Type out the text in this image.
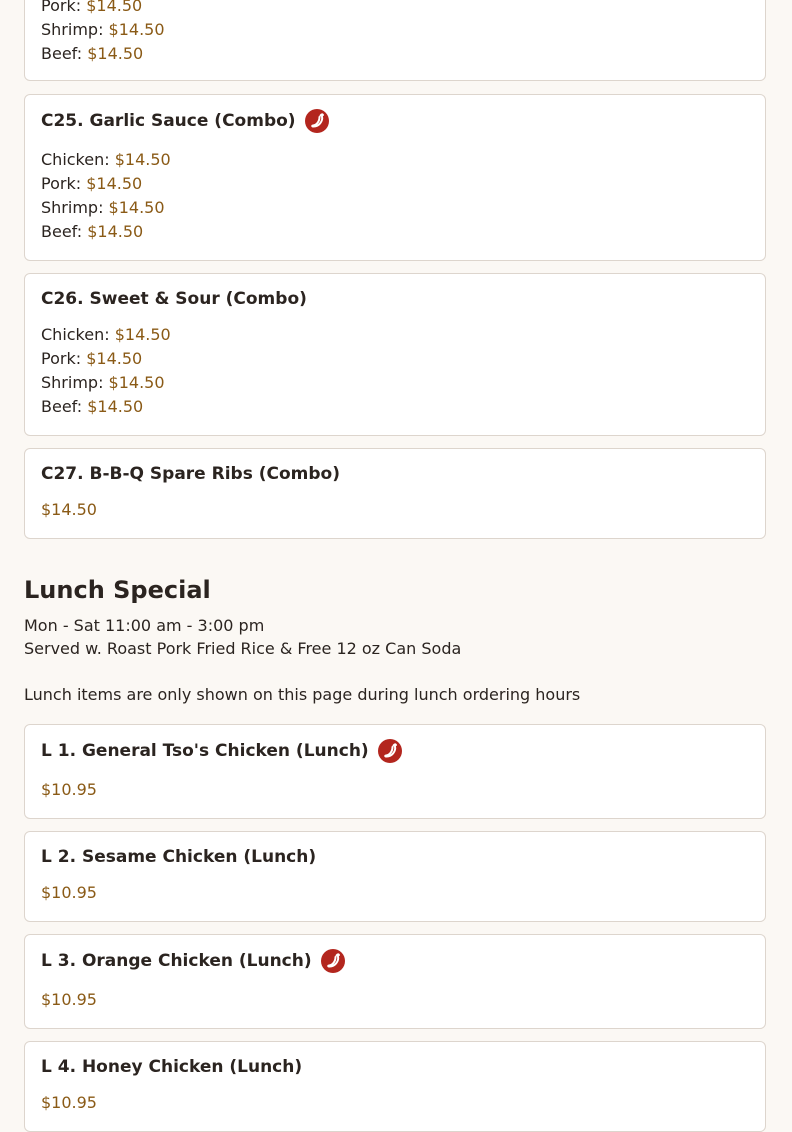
Pork: $14.50
Shrimp: $14.50
Beef: $14.50
C25. Garlic Sauce (Combo)
Chicken: $14.50
Pork: $14.50
Shrimp: $14.50
Beef: $14.50
C26. Sweet & Sour (Combo)
Chicken: $14.50
Pork: $14.50
Shrimp: $14.50
Beef: $14.50
C27. B-B-Q Spare Ribs (Combo)
$14.50
Lunch Special
Mon - Sat 11:00 am - 3:00 pm
Served w. Roast Pork Fried Rice & Free 12 oz Can Soda
Lunch items are only shown on this page during lunch ordering hours
L 1. General Tso's Chicken (Lunch)
$10.95
L 2. Sesame Chicken (Lunch)
$10.95
L 3. Orange Chicken (Lunch)
$10.95
L 4. Honey Chicken (Lunch)
$10.95
